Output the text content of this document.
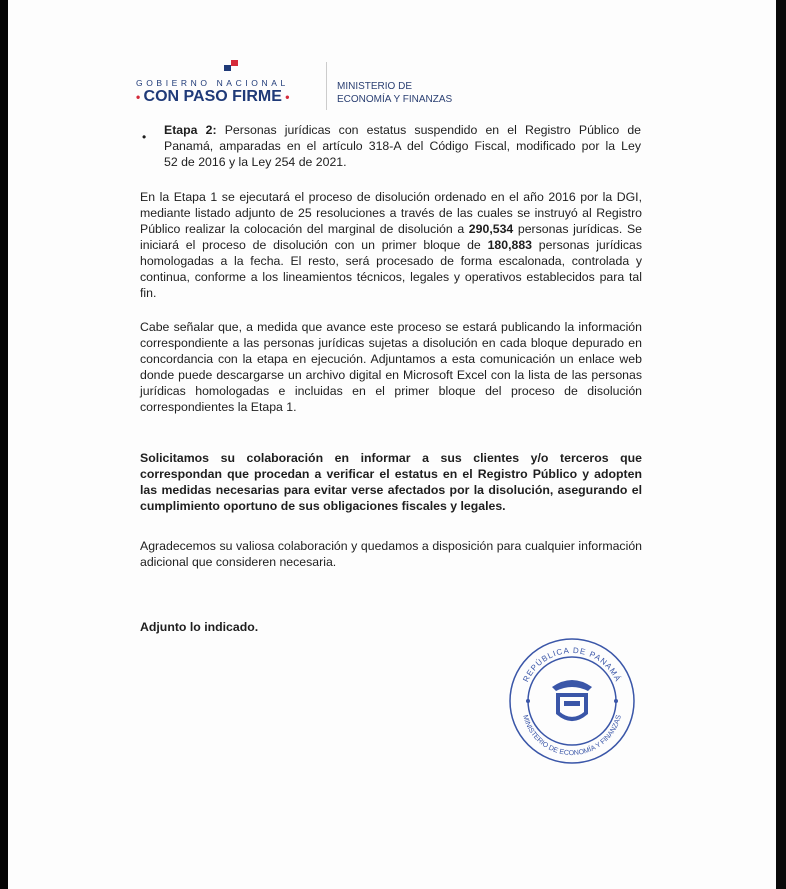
GOBIERNO NACIONAL
• CON PASO FIRME •
MINISTERIO DE
ECONOMÍA Y FINANZAS
• Etapa 2: Personas jurídicas con estatus suspendido en el Registro Público de
Panamá, amparadas en el artículo 318-A del Código Fiscal, modificado por la Ley
52 de 2016 y la Ley 254 de 2021.
En la Etapa 1 se ejecutará el proceso de disolución ordenado en el año 2016 por la DGI,
mediante listado adjunto de 25 resoluciones a través de las cuales se instruyó al Registro
Público realizar la colocación del marginal de disolución a 290,534 personas jurídicas. Se
iniciará el proceso de disolución con un primer bloque de 180,883 personas jurídicas
homologadas a la fecha. El resto, será procesado de forma escalonada, controlada y
continua, conforme a los lineamientos técnicos, legales y operativos establecidos para tal
fin.
Cabe señalar que, a medida que avance este proceso se estará publicando la información
correspondiente a las personas jurídicas sujetas a disolución en cada bloque depurado en
concordancia con la etapa en ejecución. Adjuntamos a esta comunicación un enlace web
donde puede descargarse un archivo digital en Microsoft Excel con la lista de las personas
jurídicas homologadas e incluidas en el primer bloque del proceso de disolución
correspondientes la Etapa 1.
Solicitamos su colaboración en informar a sus clientes y/o terceros que
correspondan que procedan a verificar el estatus en el Registro Público y adopten
las medidas necesarias para evitar verse afectados por la disolución, asegurando el
cumplimiento oportuno de sus obligaciones fiscales y legales.
Agradecemos su valiosa colaboración y quedamos a disposición para cualquier información
adicional que consideren necesaria.
Adjunto lo indicado.
REPÚBLICA DE PANAMÁ
MINISTERIO DE ECONOMÍA Y FINANZAS
